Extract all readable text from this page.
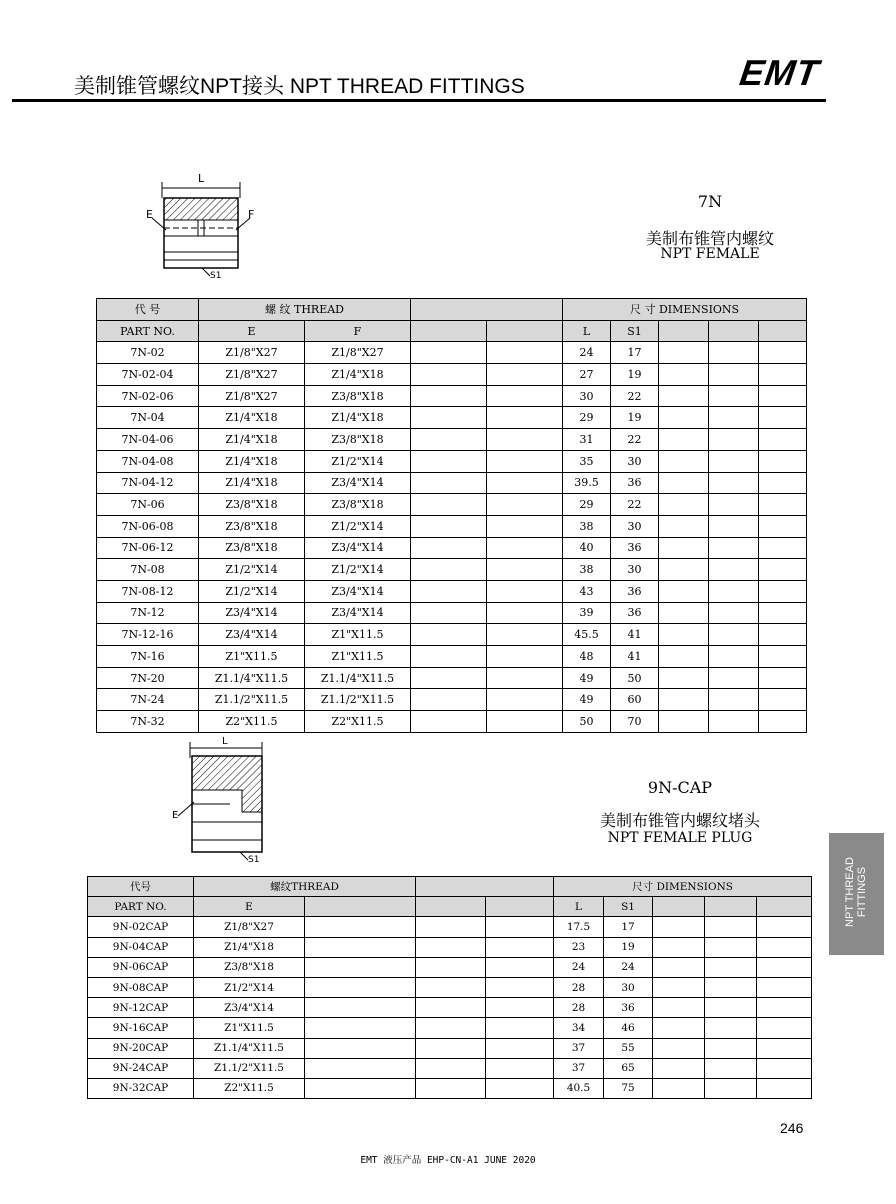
美制锥管螺纹NPT接头 NPT THREAD FITTINGS	EMT
L
E	F
S1
7N
美制布锥管内螺纹
NPT FEMALE
代 号	螺 纹 THREAD				尺 寸 DIMENSIONS				
PART NO.	E	F			L	S1			
7N-02	Z1/8"X27	Z1/8"X27			24	17			
7N-02-04	Z1/8"X27	Z1/4"X18			27	19			
7N-02-06	Z1/8"X27	Z3/8"X18			30	22			
7N-04	Z1/4"X18	Z1/4"X18			29	19			
7N-04-06	Z1/4"X18	Z3/8"X18			31	22			
7N-04-08	Z1/4"X18	Z1/2"X14			35	30			
7N-04-12	Z1/4"X18	Z3/4"X14			39.5	36			
7N-06	Z3/8"X18	Z3/8"X18			29	22			
7N-06-08	Z3/8"X18	Z1/2"X14			38	30			
7N-06-12	Z3/8"X18	Z3/4"X14			40	36			
7N-08	Z1/2"X14	Z1/2"X14			38	30			
7N-08-12	Z1/2"X14	Z3/4"X14			43	36			
7N-12	Z3/4"X14	Z3/4"X14			39	36			
7N-12-16	Z3/4"X14	Z1"X11.5			45.5	41			
7N-16	Z1"X11.5	Z1"X11.5			48	41			
7N-20	Z1.1/4"X11.5	Z1.1/4"X11.5			49	50			
7N-24	Z1.1/2"X11.5	Z1.1/2"X11.5			49	60			
7N-32	Z2"X11.5	Z2"X11.5			50	70			
L
E
S1
9N-CAP
美制布锥管内螺纹堵头
NPT FEMALE PLUG
代号	螺纹THREAD				尺寸 DIMENSIONS				
PART NO.	E				L	S1			
9N-02CAP	Z1/8"X27				17.5	17			
9N-04CAP	Z1/4"X18				23	19			
9N-06CAP	Z3/8"X18				24	24			
9N-08CAP	Z1/2"X14				28	30			
9N-12CAP	Z3/4"X14				28	36			
9N-16CAP	Z1"X11.5				34	46			
9N-20CAP	Z1.1/4"X11.5				37	55			
9N-24CAP	Z1.1/2"X11.5				37	65			
9N-32CAP	Z2"X11.5				40.5	75			
NPT THREAD FITTINGS
246
EMT 液压产品 EHP-CN-A1 JUNE 2020
